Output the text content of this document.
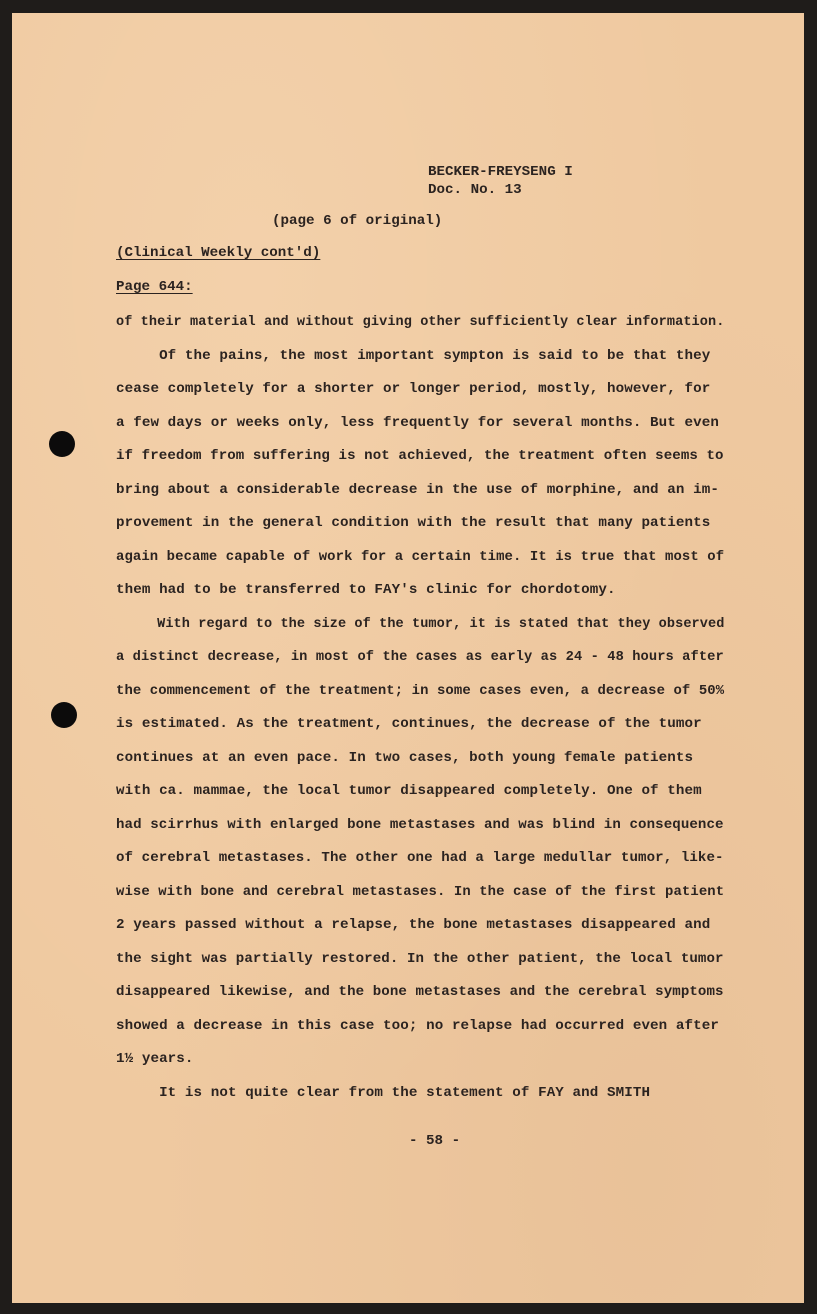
BECKER-FREYSENG I
Doc. No. 13
(page 6 of original)
(Clinical Weekly cont'd)
Page 644:
of their material and without giving other sufficiently clear information.
Of the pains, the most important sympton is said to be that they
cease completely for a shorter or longer period, mostly, however, for
a few days or weeks only, less frequently for several months. But even
if freedom from suffering is not achieved, the treatment often seems to
bring about a considerable decrease in the use of morphine, and an im-
provement in the general condition with the result that many patients
again became capable of work for a certain time. It is true that most of
them had to be transferred to FAY's clinic for chordotomy.
With regard to the size of the tumor, it is stated that they observed
a distinct decrease, in most of the cases as early as 24 - 48 hours after
the commencement of the treatment; in some cases even, a decrease of 50%
is estimated. As the treatment, continues, the decrease of the tumor
continues at an even pace. In two cases, both young female patients
with ca. mammae, the local tumor disappeared completely. One of them
had scirrhus with enlarged bone metastases and was blind in consequence
of cerebral metastases. The other one had a large medullar tumor, like-
wise with bone and cerebral metastases. In the case of the first patient
2 years passed without a relapse, the bone metastases disappeared and
the sight was partially restored. In the other patient, the local tumor
disappeared likewise, and the bone metastases and the cerebral symptoms
showed a decrease in this case too; no relapse had occurred even after
1½ years.
It is not quite clear from the statement of FAY and SMITH
- 58 -
